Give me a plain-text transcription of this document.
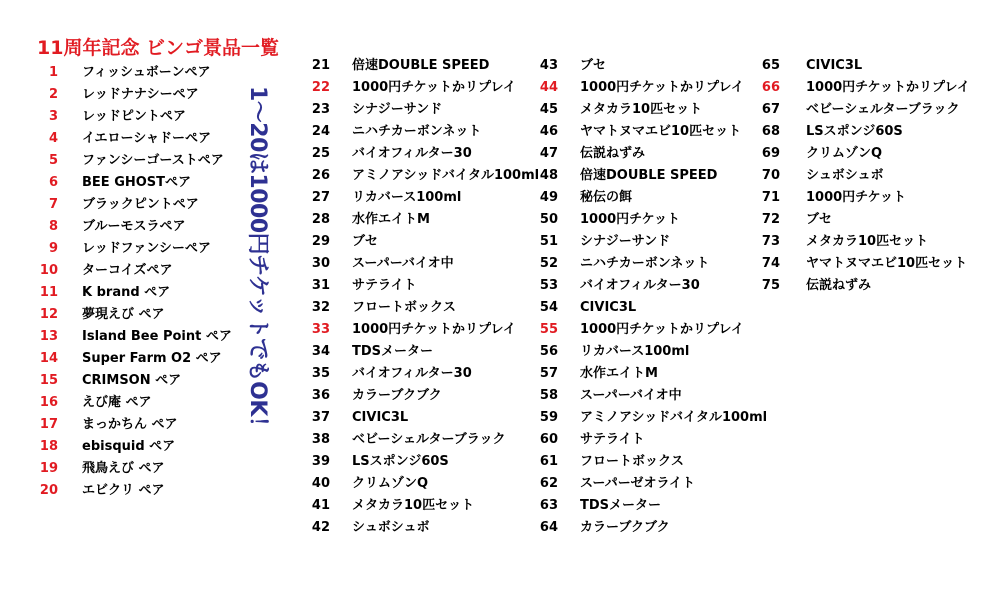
11周年記念 ビンゴ景品一覧
1～20は1000円チケットでもOK！
1 フィッシュボーンペア
2 レッドナナシーペア
3 レッドピントペア
4 イエローシャドーペア
5 ファンシーゴーストペア
6 BEE GHOSTペア
7 ブラックピントペア
8 ブルーモスラペア
9 レッドファンシーペア
10 ターコイズペア
11 K brand ペア
12 夢現えび ペア
13 Island Bee Point ペア
14 Super Farm O2 ペア
15 CRIMSON ペア
16 えび庵 ペア
17 まっかちん ペア
18 ebisquid ペア
19 飛鳥えび ペア
20 エビクリ ペア
21 倍速DOUBLE SPEED
22 1000円チケットかリプレイ
23 シナジーサンド
24 ニハチカーボンネット
25 バイオフィルター30
26 アミノアシッドバイタル100ml
27 リカバース100ml
28 水作エイトM
29 ブセ
30 スーパーバイオ中
31 サテライト
32 フロートボックス
33 1000円チケットかリプレイ
34 TDSメーター
35 バイオフィルター30
36 カラーブクブク
37 CIVIC3L
38 ベビーシェルターブラック
39 LSスポンジ60S
40 クリムゾンQ
41 メタカラ10匹セット
42 シュボシュボ
43 ブセ
44 1000円チケットかリプレイ
45 メタカラ10匹セット
46 ヤマトヌマエビ10匹セット
47 伝説ねずみ
48 倍速DOUBLE SPEED
49 秘伝の餌
50 1000円チケット
51 シナジーサンド
52 ニハチカーボンネット
53 バイオフィルター30
54 CIVIC3L
55 1000円チケットかリプレイ
56 リカバース100ml
57 水作エイトM
58 スーパーバイオ中
59 アミノアシッドバイタル100ml
60 サテライト
61 フロートボックス
62 スーパーゼオライト
63 TDSメーター
64 カラーブクブク
65 CIVIC3L
66 1000円チケットかリプレイ
67 ベビーシェルターブラック
68 LSスポンジ60S
69 クリムゾンQ
70 シュボシュボ
71 1000円チケット
72 ブセ
73 メタカラ10匹セット
74 ヤマトヌマエビ10匹セット
75 伝説ねずみ
